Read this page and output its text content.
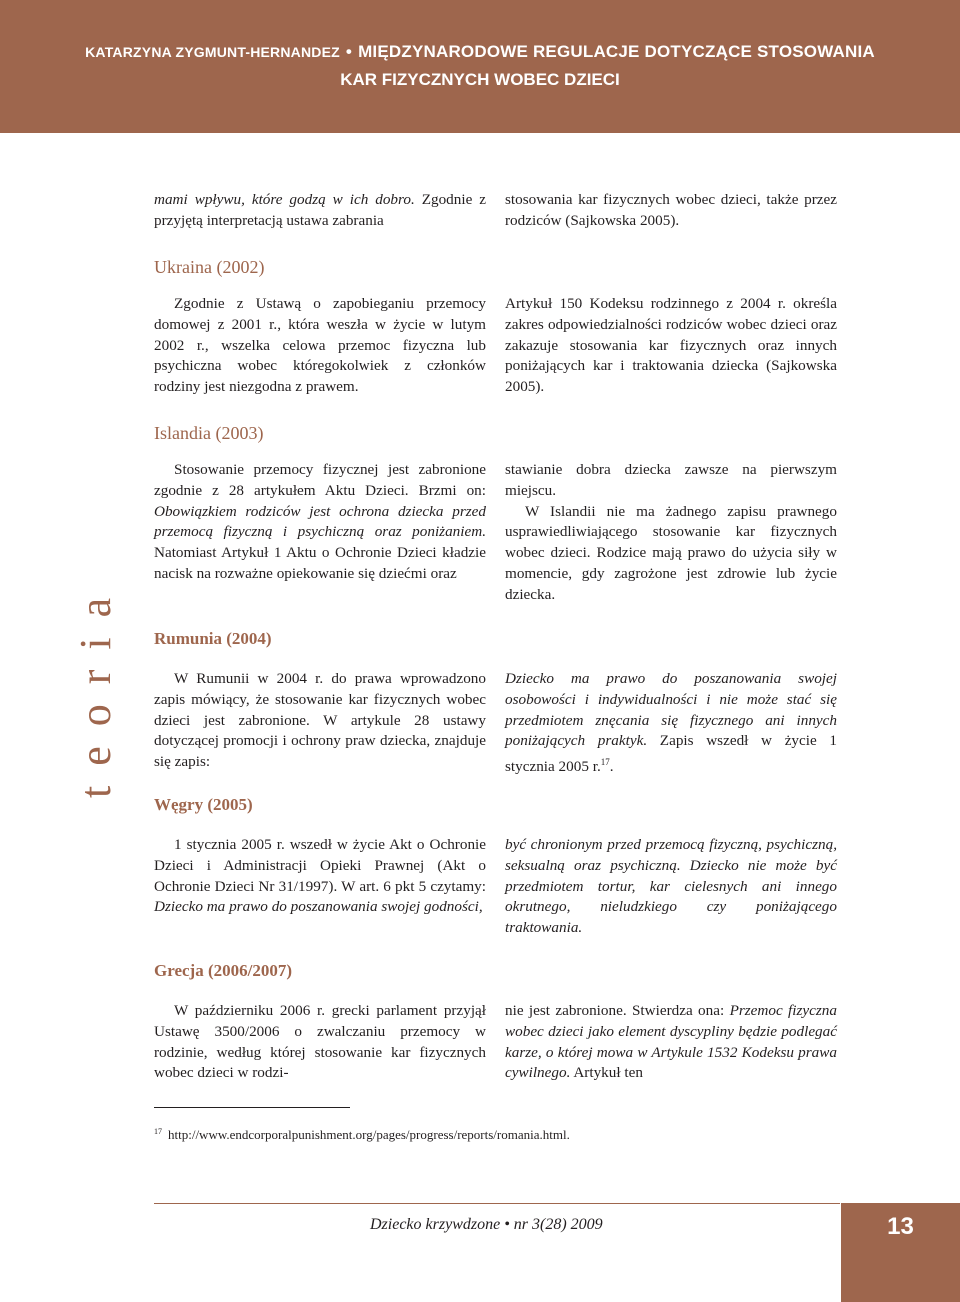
KATARZYNA ZYGMUNT-HERNANDEZ • MIĘDZYNARODOWE REGULACJE DOTYCZĄCE STOSOWANIA
KAR FIZYCZNYCH WOBEC DZIECI
teoria

mami wpływu, które godzą w ich dobro. Zgodnie z przyjętą interpretacją ustawa zabrania

stosowania kar fizycznych wobec dzieci, także przez rodziców (Sajkowska 2005).

Ukraina (2002)

Zgodnie z Ustawą o zapobieganiu przemocy domowej z 2001 r., która weszła w życie w lutym 2002 r., wszelka celowa przemoc fizyczna lub psychiczna wobec któregokolwiek z członków rodziny jest niezgodna z prawem.

Artykuł 150 Kodeksu rodzinnego z 2004 r. określa zakres odpowiedzialności rodziców wobec dzieci oraz zakazuje stosowania kar fizycznych oraz innych poniżających kar i traktowania dziecka (Sajkowska 2005).

Islandia (2003)

Stosowanie przemocy fizycznej jest zabronione zgodnie z 28 artykułem Aktu Dzieci. Brzmi on: Obowiązkiem rodziców jest ochrona dziecka przed przemocą fizyczną i psychiczną oraz poniżaniem. Natomiast Artykuł 1 Aktu o Ochronie Dzieci kładzie nacisk na rozważne opiekowanie się dziećmi oraz

stawianie dobra dziecka zawsze na pierwszym miejscu.

W Islandii nie ma żadnego zapisu prawnego usprawiedliwiającego stosowanie kar fizycznych wobec dzieci. Rodzice mają prawo do użycia siły w momencie, gdy zagrożone jest zdrowie lub życie dziecka.

Rumunia (2004)

W Rumunii w 2004 r. do prawa wprowadzono zapis mówiący, że stosowanie kar fizycznych wobec dzieci jest zabronione. W artykule 28 ustawy dotyczącej promocji i ochrony praw dziecka, znajduje się zapis:

Dziecko ma prawo do poszanowania swojej osobowości i indywidualności i nie może stać się przedmiotem znęcania się fizycznego ani innych poniżających praktyk. Zapis wszedł w życie 1 stycznia 2005 r.$^{17}$.

Węgry (2005)

1 stycznia 2005 r. wszedł w życie Akt o Ochronie Dzieci i Administracji Opieki Prawnej (Akt o Ochronie Dzieci Nr 31/1997). W art. 6 pkt 5 czytamy: Dziecko ma prawo do poszanowania swojej godności,

być chronionym przed przemocą fizyczną, psychiczną, seksualną oraz psychiczną. Dziecko nie może być przedmiotem tortur, kar cielesnych ani innego okrutnego, nieludzkiego czy poniżającego traktowania.

Grecja (2006/2007)

W październiku 2006 r. grecki parlament przyjął Ustawę 3500/2006 o zwalczaniu przemocy w rodzinie, według której stosowanie kar fizycznych wobec dzieci w rodzi-

nie jest zabronione. Stwierdza ona: Przemoc fizyczna wobec dzieci jako element dyscypliny będzie podlegać karze, o której mowa w Artykule 1532 Kodeksu prawa cywilnego. Artykuł ten

$^{17}$ http://www.endcorporalpunishment.org/pages/progress/reports/romania.html.
Dziecko krzywdzone • nr 3(28) 2009	13
